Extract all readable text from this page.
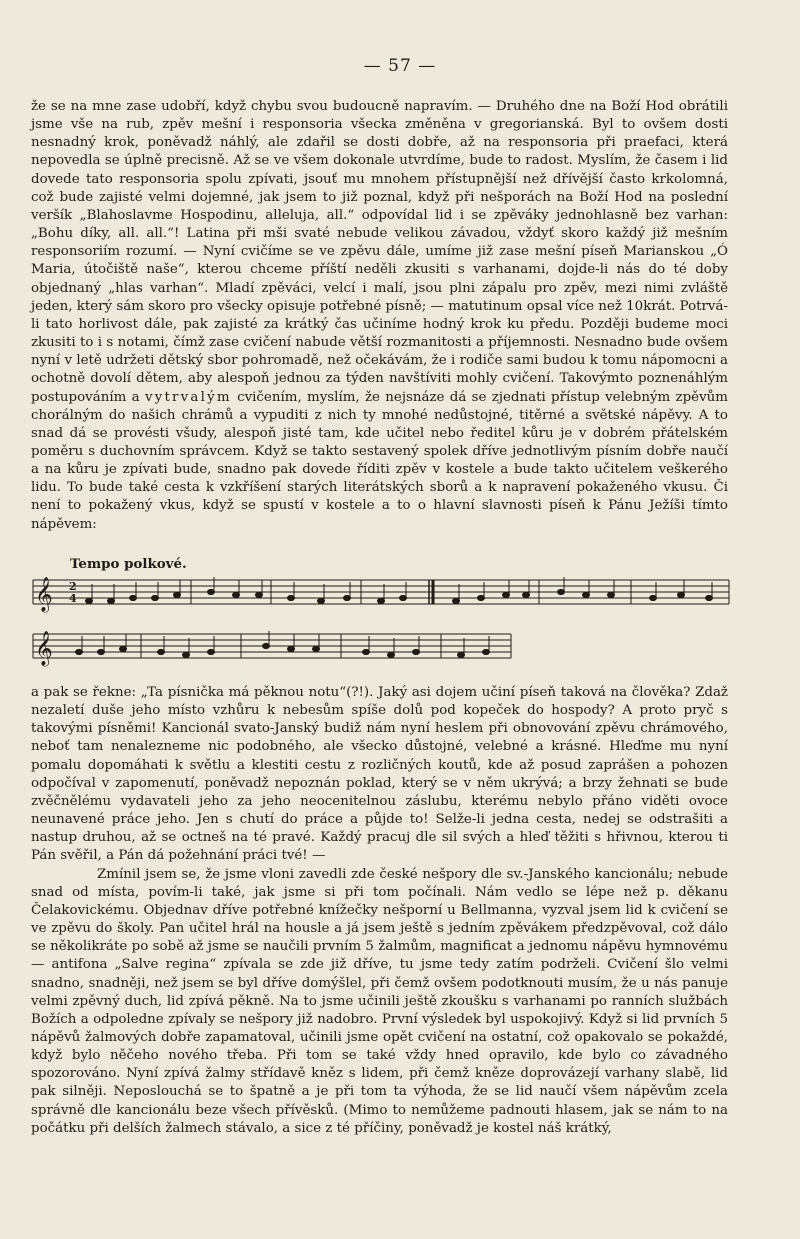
— 57 —

že se na mne zase udobří, když chybu svou budoucně napravím. — Druhého dne na Boží Hod obrátili jsme vše na rub, zpěv mešní i responsoria všecka změněna v gregorianská. Byl to ovšem dosti nesnadný krok, poněvadž náhlý, ale zdařil se dosti dobře, až na responsoria při praefaci, která nepovedla se úplně precisně. Až se ve všem dokonale utvrdíme, bude to radost. Myslím, že časem i lid dovede tato responsoria spolu zpívati, jsouť mu mnohem přístupnější než dřívější často krkolomná, což bude zajisté velmi dojemné, jak jsem to již poznal, když při nešporách na Boží Hod na poslední veršík „Blahoslavme Hospodinu, alleluja, all.“ odpovídal lid i se zpěváky jednohlasně bez varhan: „Bohu díky, all. all.“! Latina při mši svaté nebude velikou závadou, vždyť skoro každý již mešním responsoriím rozumí. — Nyní cvičíme se ve zpěvu dále, umíme již zase mešní píseň Marianskou „Ó Maria, útočiště naše“, kterou chceme příští neděli zkusiti s varhanami, dojde-li nás do té doby objednaný „hlas varhan“. Mladí zpěváci, velcí i malí, jsou plni zápalu pro zpěv, mezi nimi zvláště jeden, který sám skoro pro všecky opisuje potřebné písně; — matutinum opsal více než 10krát. Potrvá-li tato horlivost dále, pak zajisté za krátký čas učiníme hodný krok ku předu. Později budeme moci zkusiti to i s notami, čímž zase cvičení nabude větší rozmanitosti a příjemnosti. Nesnadno bude ovšem nyní v letě udržeti dětský sbor pohromadě, než očekávám, že i rodiče sami budou k tomu nápomocni a ochotně dovolí dětem, aby alespoň jednou za týden navštíviti mohly cvičení. Takovýmto poznenáhlým postupováním a vytrvalým cvičením, myslím, že nejsnáze dá se zjednati přístup velebným zpěvům chorálným do našich chrámů a vypuditi z nich ty mnohé nedůstojné, titěrné a světské nápěvy. A to snad dá se provésti všudy, alespoň jisté tam, kde učitel nebo ředitel kůru je v dobrém přátelském poměru s duchovním správcem. Když se takto sestavený spolek dříve jednotlivým písním dobře naučí a na kůru je zpívati bude, snadno pak dovede říditi zpěv v kostele a bude takto učitelem veškerého lidu. To bude také cesta k vzkříšení starých literátských sborů a k napravení pokaženého vkusu. Či není to pokažený vkus, když se spustí v kostele a to o hlavní slavnosti píseň k Pánu Ježíši tímto nápěvem:

Tempo polkové.
𝄞 2
4
𝄞

a pak se řekne: „Ta písnička má pěknou notu“(?!). Jaký asi dojem učiní píseň taková na člověka? Zdaž nezaletí duše jeho místo vzhůru k nebesům spíše dolů pod kopeček do hospody? A proto pryč s takovými písněmi! Kancionál svato-Janský budiž nám nyní heslem při obnovování zpěvu chrámového, neboť tam nenalezneme nic podobného, ale všecko důstojné, velebné a krásné. Hleďme mu nyní pomalu dopomáhati k světlu a klestiti cestu z rozličných koutů, kde až posud zaprášen a pohozen odpočíval v zapomenutí, poněvadž nepoznán poklad, který se v něm ukrývá; a brzy žehnati se bude zvěčnělému vydavateli jeho za jeho neocenitelnou záslubu, kterému nebylo přáno viděti ovoce neunavené práce jeho. Jen s chutí do práce a půjde to! Selže-li jedna cesta, nedej se odstrašiti a nastup druhou, až se octneš na té pravé. Každý pracuj dle sil svých a hleď těžiti s hřivnou, kterou ti Pán svěřil, a Pán dá požehnání práci tvé! —

Zmínil jsem se, že jsme vloni zavedli zde české nešpory dle sv.-Janského kancionálu; nebude snad od místa, povím-li také, jak jsme si při tom počínali. Nám vedlo se lépe než p. děkanu Čelakovickému. Objednav dříve potřebné knížečky nešporní u Bellmanna, vyzval jsem lid k cvičení se ve zpěvu do školy. Pan učitel hrál na housle a já jsem ještě s jedním zpěvákem předzpěvoval, což dálo se několikráte po sobě až jsme se naučili prvním 5 žalmům, magnificat a jednomu nápěvu hymnovému — antifona „Salve regina“ zpívala se zde již dříve, tu jsme tedy zatím podrželi. Cvičení šlo velmi snadno, snadněji, než jsem se byl dříve domýšlel, při čemž ovšem podotknouti musím, že u nás panuje velmi zpěvný duch, lid zpívá pěkně. Na to jsme učinili ještě zkoušku s varhanami po ranních službách Božích a odpoledne zpívaly se nešpory již nadobro. První výsledek byl uspokojivý. Když si lid prvních 5 nápěvů žalmových dobře zapamatoval, učinili jsme opět cvičení na ostatní, což opakovalo se pokaždé, když bylo něčeho nového třeba. Při tom se také vždy hned opravilo, kde bylo co závadného spozorováno. Nyní zpívá žalmy střídavě kněz s lidem, při čemž kněze doprovázejí varhany slabě, lid pak silněji. Neposlouchá se to špatně a je při tom ta výhoda, že se lid naučí všem nápěvům zcela správně dle kancionálu beze všech přívěsků. (Mimo to nemůžeme padnouti hlasem, jak se nám to na počátku při delších žalmech stávalo, a sice z té příčiny, poněvadž je kostel náš krátký,
